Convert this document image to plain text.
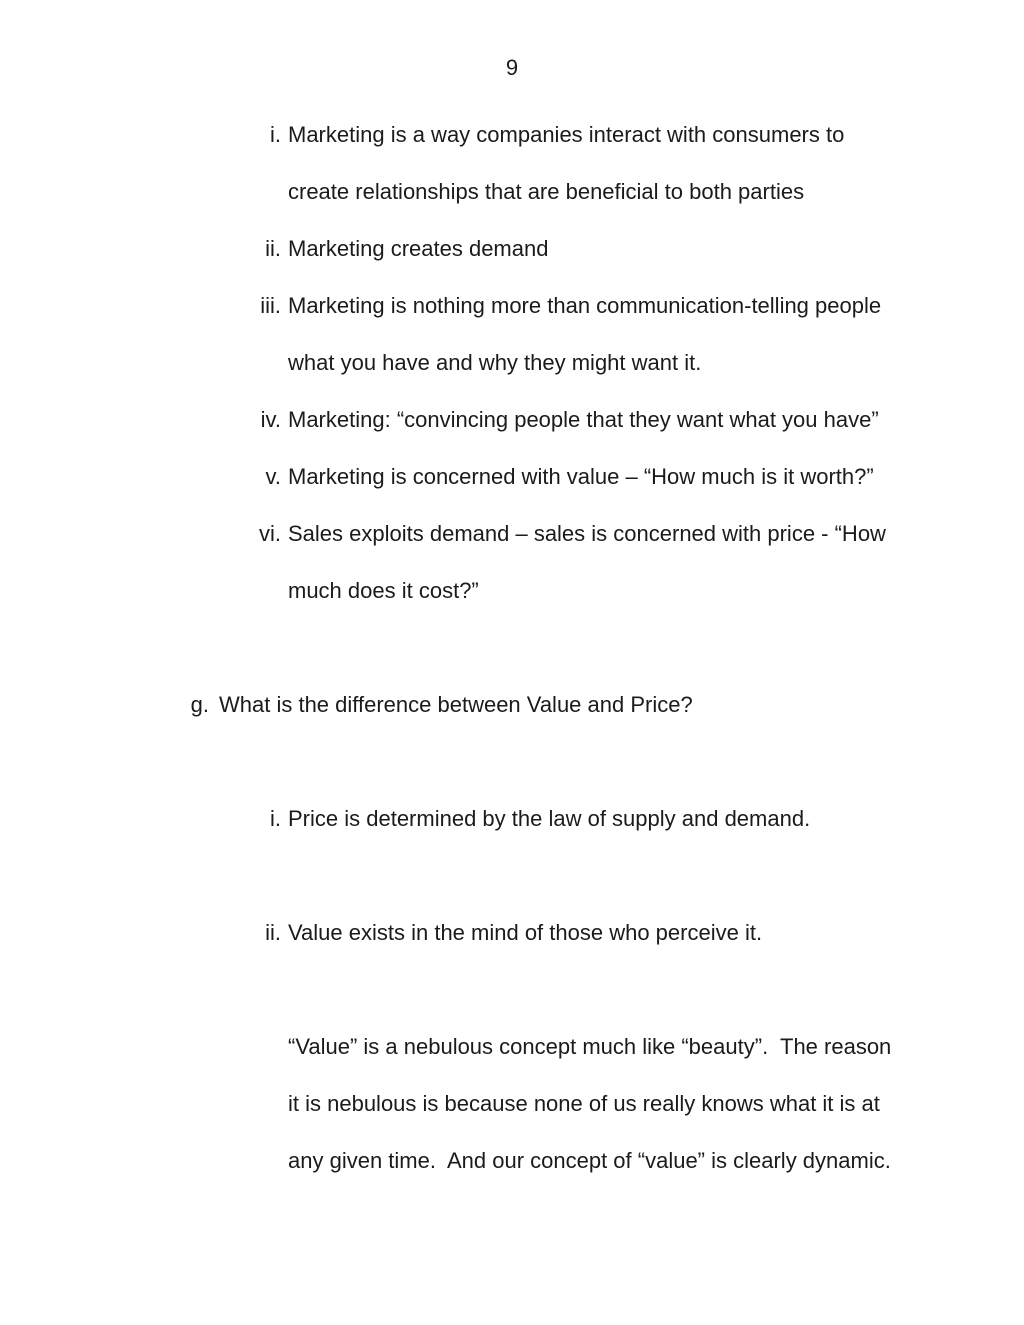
9
i. Marketing is a way companies interact with consumers to
create relationships that are beneficial to both parties
ii. Marketing creates demand
iii. Marketing is nothing more than communication-telling people
what you have and why they might want it.
iv. Marketing: “convincing people that they want what you have”
v. Marketing is concerned with value – “How much is it worth?”
vi. Sales exploits demand – sales is concerned with price - “How
much does it cost?”
g. What is the difference between Value and Price?
i. Price is determined by the law of supply and demand.
ii. Value exists in the mind of those who perceive it.
“Value” is a nebulous concept much like “beauty”.  The reason
it is nebulous is because none of us really knows what it is at
any given time.  And our concept of “value” is clearly dynamic.
